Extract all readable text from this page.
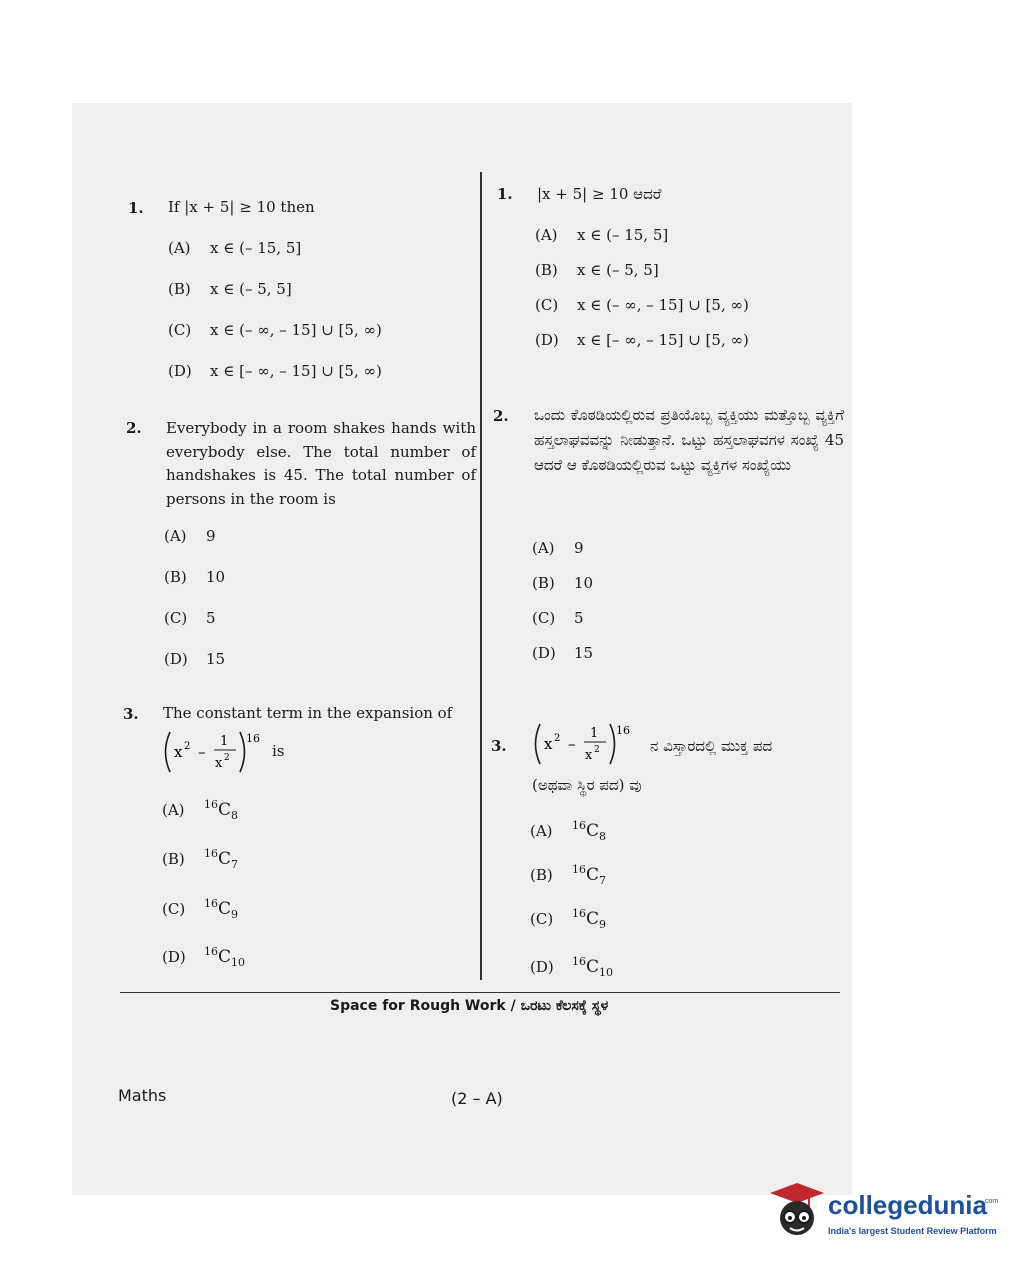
1. If |x + 5| ≥ 10 then
(A) x ∈ (– 15, 5]
(B) x ∈ (– 5, 5]
(C) x ∈ (– ∞, – 15] ∪ [5, ∞)
(D) x ∈ [– ∞, – 15] ∪ [5, ∞)
2. Everybody in a room shakes hands with everybody else. The total number of handshakes is 45. The total number of persons in the room is
(A) 9
(B) 10
(C) 5
(D) 15
3. The constant term in the expansion of
x 2 –
1
x 2
16
is
(A) $^{16}C_8$
(B) $^{16}C_7$
(C) $^{16}C_9$
(D) $^{16}C_{10}$
1. |x + 5| ≥ 10 ಆದರೆ
(A) x ∈ (– 15, 5]
(B) x ∈ (– 5, 5]
(C) x ∈ (– ∞, – 15] ∪ [5, ∞)
(D) x ∈ [– ∞, – 15] ∪ [5, ∞)
2. ಒಂದು ಕೊಠಡಿಯಲ್ಲಿರುವ ಪ್ರತಿಯೊಬ್ಬ ವ್ಯಕ್ತಿಯು ಮತ್ತೊಬ್ಬ ವ್ಯಕ್ತಿಗೆ ಹಸ್ತಲಾಘವವನ್ನು ನೀಡುತ್ತಾನೆ. ಒಟ್ಟು ಹಸ್ತಲಾಘವಗಳ ಸಂಖ್ಯೆ 45 ಆದರೆ ಆ ಕೊಠಡಿಯಲ್ಲಿರುವ ಒಟ್ಟು ವ್ಯಕ್ತಿಗಳ ಸಂಖ್ಯೆಯು
(A) 9
(B) 10
(C) 5
(D) 15
3. x 2 –
1
x 2
16
ನ ವಿಸ್ತಾರದಲ್ಲಿ ಮುಕ್ತ ಪದ
(ಅಥವಾ ಸ್ಥಿರ ಪದ) ವು
(A) $^{16}C_8$
(B) $^{16}C_7$
(C) $^{16}C_9$
(D) $^{16}C_{10}$
Space for Rough Work / ಒರಟು ಕೆಲಸಕ್ಕೆ ಸ್ಥಳ
Maths	(2 – A)
collegedunia
.com
India's largest Student Review Platform
